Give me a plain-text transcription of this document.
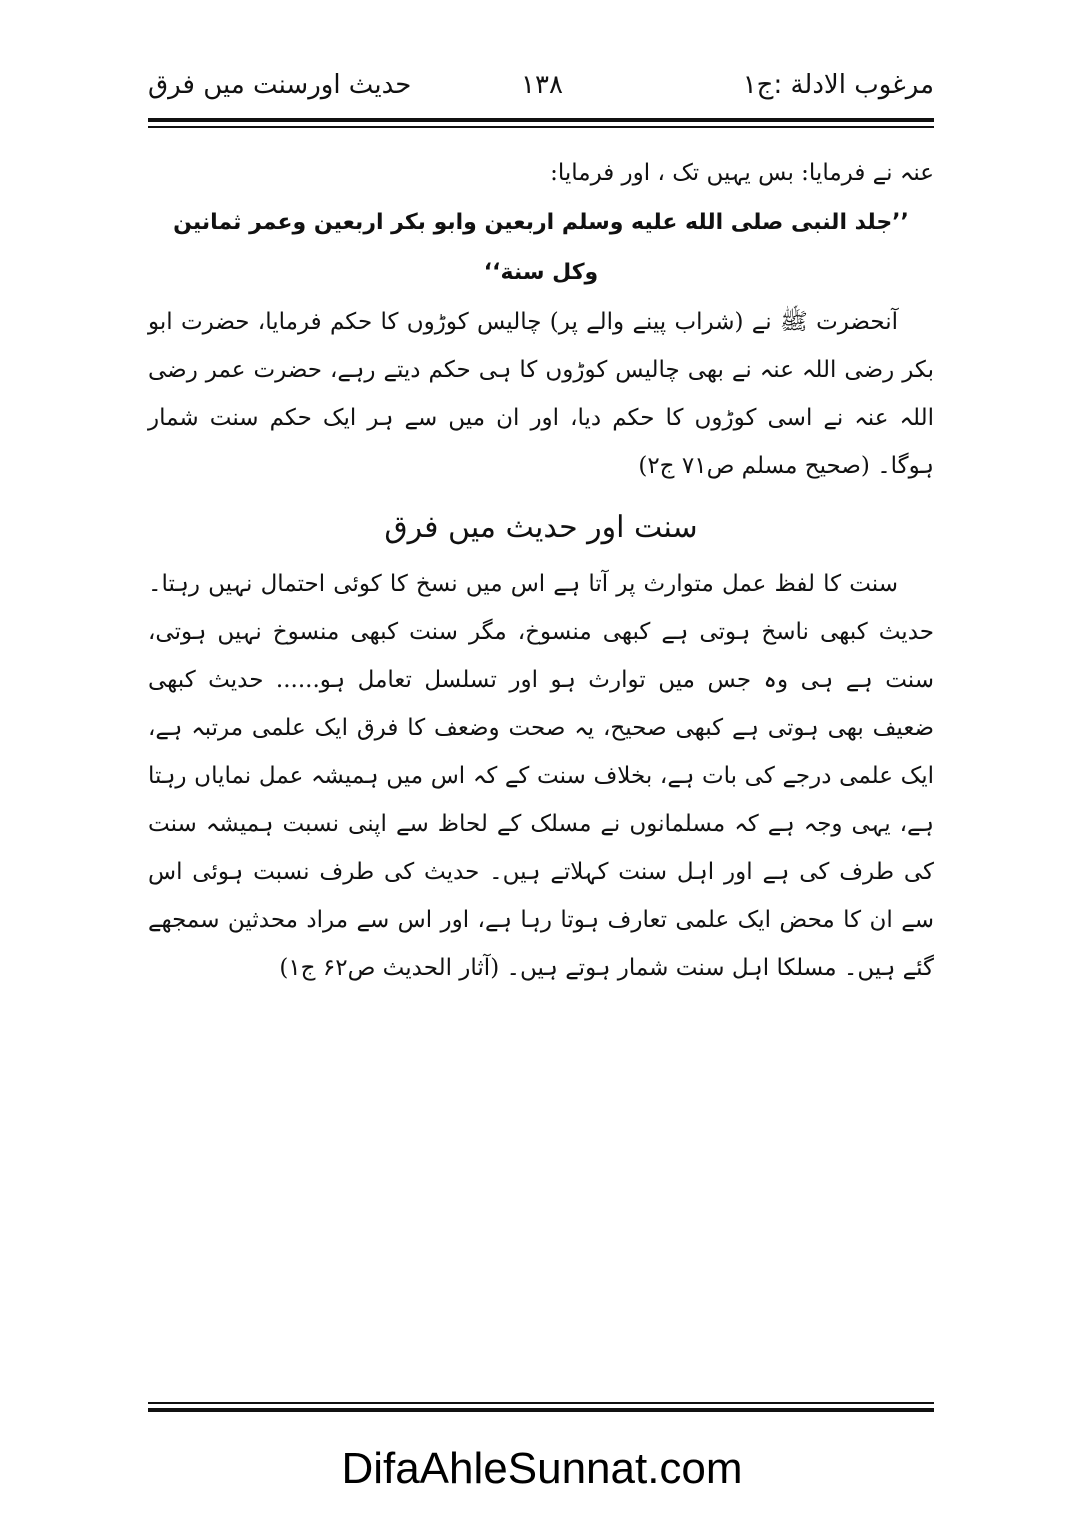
مرغوب الادلة :ج۱
۱۳۸
حدیث اورسنت میں فرق

عنہ نے فرمایا: بس یہیں تک ، اور فرمایا:

’’جلد النبی صلی الله علیه وسلم اربعین وابو بکر اربعین وعمر ثمانین وکل سنة‘‘

آنحضرت ﷺ نے (شراب پینے والے پر) چالیس کوڑوں کا حکم فرمایا، حضرت ابو بکر رضی اللہ عنہ نے بھی چالیس کوڑوں کا ہی حکم دیتے رہے، حضرت عمر رضی اللہ عنہ نے اسی کوڑوں کا حکم دیا، اور ان میں سے ہر ایک حکم سنت شمار ہوگا۔ (صحیح مسلم ص۷۱ ج۲)

سنت اور حدیث میں فرق

سنت کا لفظ عمل متوارث پر آتا ہے اس میں نسخ کا کوئی احتمال نہیں رہتا۔ حدیث کبھی ناسخ ہوتی ہے کبھی منسوخ، مگر سنت کبھی منسوخ نہیں ہوتی، سنت ہے ہی وہ جس میں توارث ہو اور تسلسل تعامل ہو...... حدیث کبھی ضعیف بھی ہوتی ہے کبھی صحیح، یہ صحت وضعف کا فرق ایک علمی مرتبہ ہے، ایک علمی درجے کی بات ہے، بخلاف سنت کے کہ اس میں ہمیشہ عمل نمایاں رہتا ہے، یہی وجہ ہے کہ مسلمانوں نے مسلک کے لحاظ سے اپنی نسبت ہمیشہ سنت کی طرف کی ہے اور اہل سنت کہلاتے ہیں۔ حدیث کی طرف نسبت ہوئی اس سے ان کا محض ایک علمی تعارف ہوتا رہا ہے، اور اس سے مراد محدثین سمجھے گئے ہیں۔ مسلکا اہل سنت شمار ہوتے ہیں۔ (آثار الحدیث ص۶۲ ج۱)

DifaAhleSunnat.com
